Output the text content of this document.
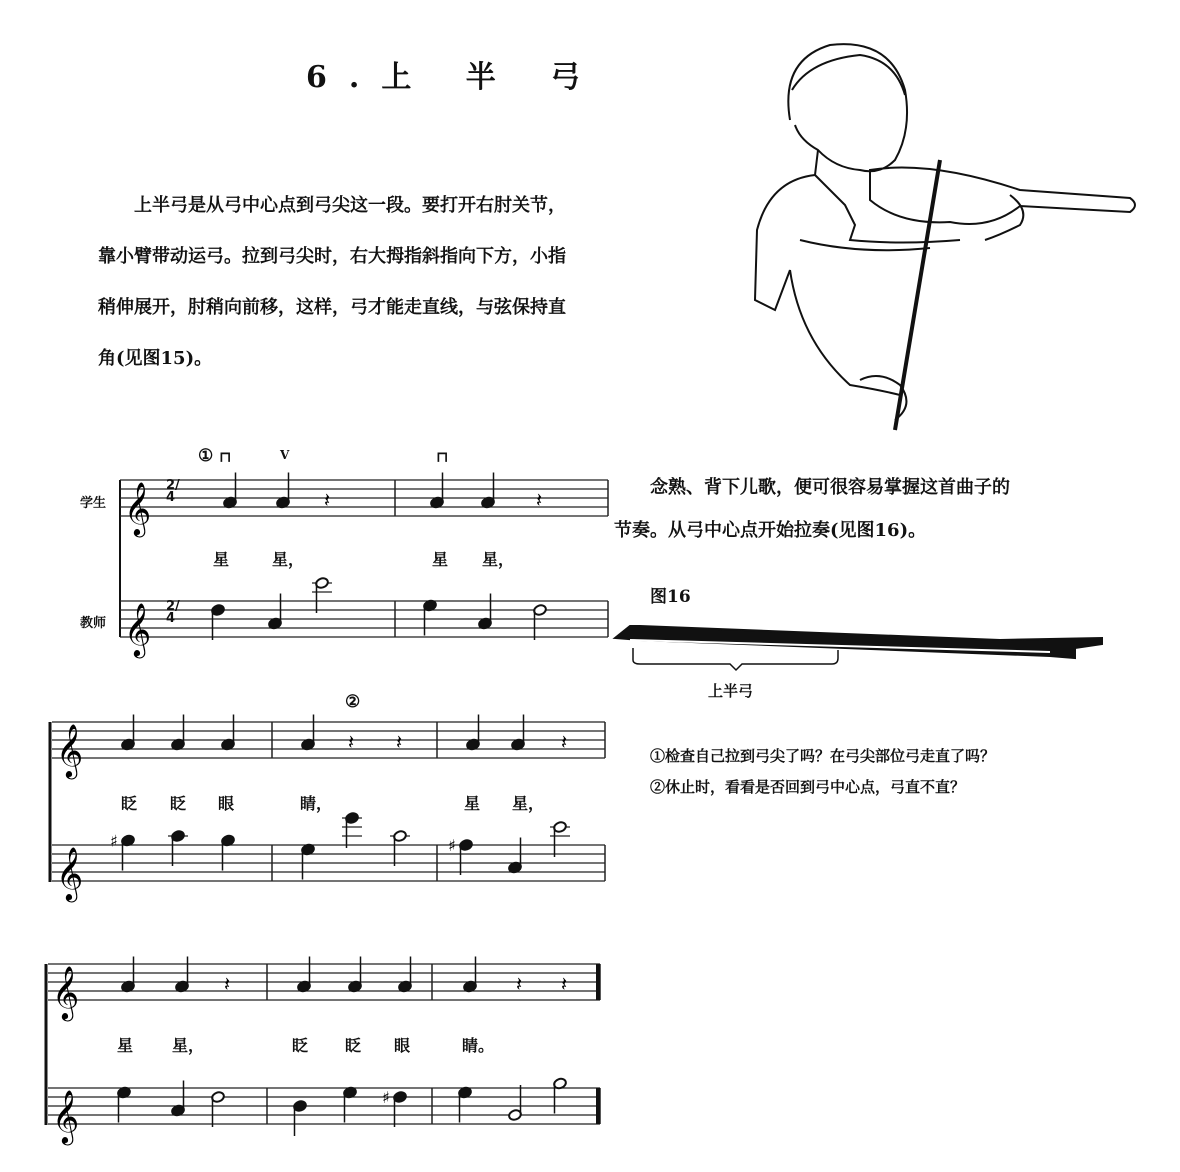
6.上 半 弓
　　上半弓是从弓中心点到弓尖这一段。要打开右肘关节，
靠小臂带动运弓。拉到弓尖时，右大拇指斜指向下方，小指
稍伸展开，肘稍向前移，这样，弓才能走直线，与弦保持直
角(见图15)。
　　念熟、背下儿歌，便可很容易掌握这首曲子的
节奏。从弓中心点开始拉奏(见图16)。
图16
上半弓
①检查自己拉到弓尖了吗？在弓尖部位弓走直了吗？
②休止时，看看是否回到弓中心点，弓直不直？
学生
教师
2/4
2/4
①
②
⊓	V	⊓
星	星，	星 星，
眨 眨 眼	睛，	星 星，
星 星，	眨 眨 眼	睛。
𝄞	𝄽	𝄽
𝄞
𝄞	𝄽 𝄽	𝄽
𝄞
♯	♯
𝄞	𝄽	𝄽 𝄽
𝄞	♯
